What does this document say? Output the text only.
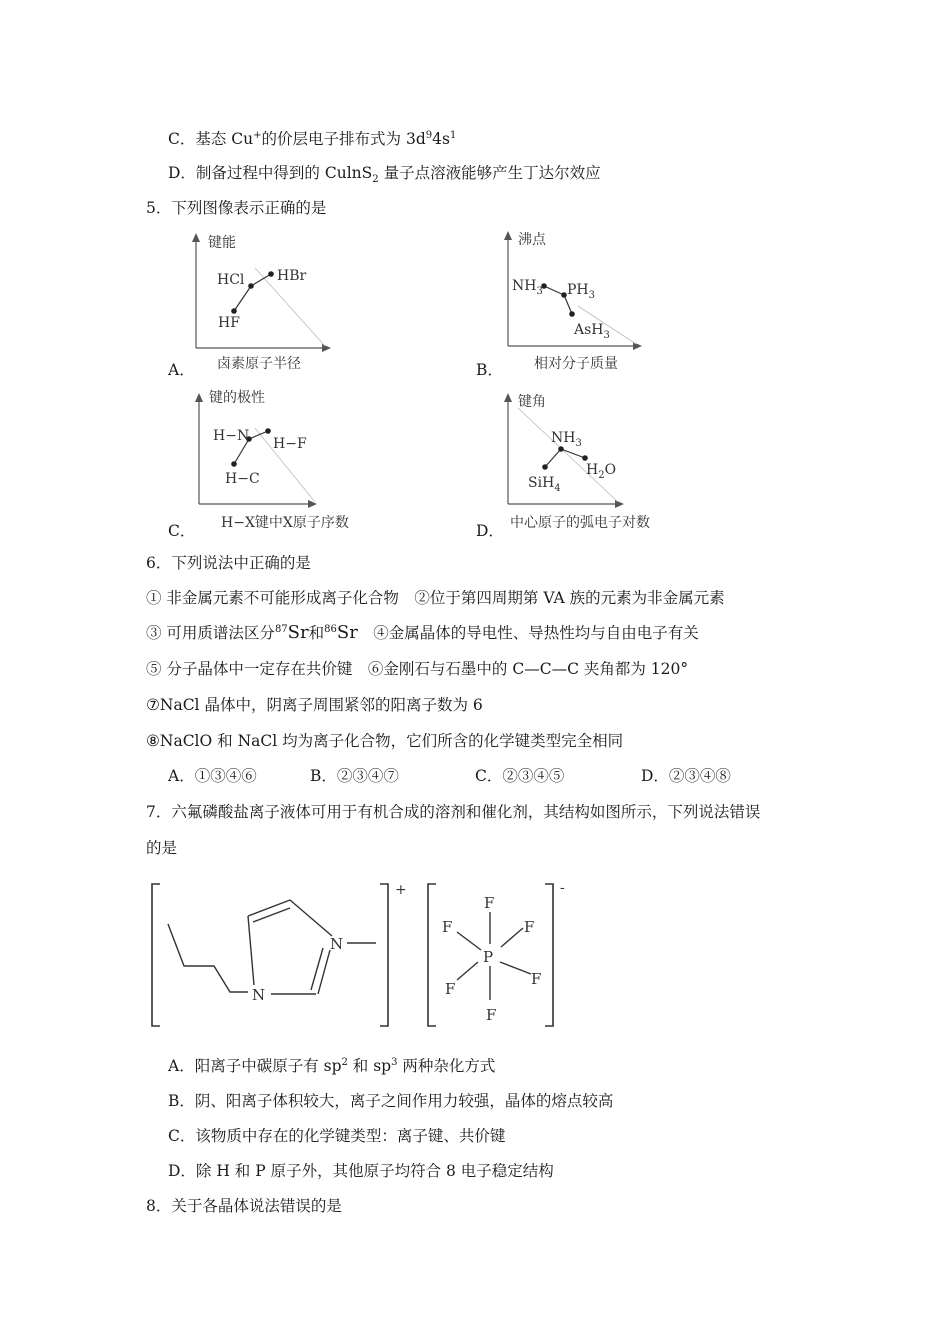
C．基态 Cu+的价层电子排布式为 $3d^94s^1$
D．制备过程中得到的 CulnS$_2$ 量子点溶液能够产生丁达尔效应
5．下列图像表示正确的是
键能
HF
HCl HBr
卤素原子半径
A．
沸点
$NH_3$ $PH_3$
AsH$_3$
相对分子质量
B．
键的极性
H−C
H−N H−F
H−X键中X原子序数
C．
键角
SiH$_4$
$NH_3$
$H_2O$
中心原子的弧电子对数
D．
6．下列说法中正确的是
① 非金属元素不可能形成离子化合物　②位于第四周期第 VA 族的元素为非金属元素
③ 可用质谱法区分$^{87}$Sr和$^{86}$Sr　④金属晶体的导电性、导热性均与自由电子有关
⑤ 分子晶体中一定存在共价键　⑥金刚石与石墨中的 C—C—C 夹角都为 120°
⑦NaCl 晶体中，阴离子周围紧邻的阳离子数为 6
⑧NaClO 和 NaCl 均为离子化合物，它们所含的化学键类型完全相同
A．①③④⑥	B．②③④⑦	C．②③④⑤	D．②③④⑧
7．六氟磷酸盐离子液体可用于有机合成的溶剂和催化剂，其结构如图所示，下列说法错误
的是
+
N
N
-
P
F
F	F
F
F
F
A．阳离子中碳原子有 $sp^2$ 和 $sp^3$ 两种杂化方式
B．阴、阳离子体积较大，离子之间作用力较强，晶体的熔点较高
C．该物质中存在的化学键类型：离子键、共价键
D．除 H 和 P 原子外，其他原子均符合 8 电子稳定结构
8．关于各晶体说法错误的是
